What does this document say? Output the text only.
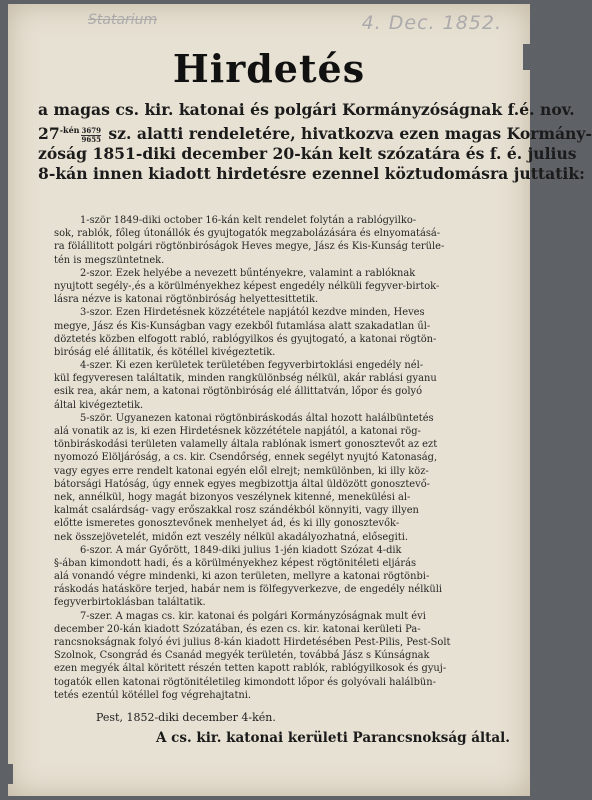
Statarium	4. Dec. 1852.
Hirdetés
a magas cs. kir. katonai és polgári Kormányzóságnak f.é. nov.
$27^{-kén} \frac{3679}{9655}$ sz. alatti rendeletére, hivatkozva ezen magas Kormány-
zóság 1851-diki december 20-kán kelt szózatára és f. é. julius
8-kán innen kiadott hirdetésre ezennel köztudomásra juttatik:
1-ször 1849-diki october 16-kán kelt rendelet folytán a rablógyilko-
sok, rablók, főleg útonállók és gyujtogatók megzabolázására és elnyomatásá-
ra fölállitott polgári rögtönbiróságok Heves megye, Jász és Kis-Kunság terüle-
tén is megszüntetnek.
2-szor. Ezek helyébe a nevezett bűntényekre, valamint a rablóknak
nyujtott segély-,és a körülményekhez képest engedély nélküli fegyver-birtok-
lásra nézve is katonai rögtönbiróság helyettesittetik.
3-szor. Ezen Hirdetésnek közzététele napjától kezdve minden, Heves
megye, Jász és Kis-Kunságban vagy ezekből futamlása alatt szakadatlan űl-
döztetés közben elfogott rabló, rablógyilkos és gyujtogató, a katonai rögtön-
biróság elé állitatik, és kötéllel kivégeztetik.
4-szer. Ki ezen kerületek területében fegyverbirtoklási engedély nél-
kül fegyveresen találtatik, minden rangkülönbség nélkül, akár rablási gyanu
esik rea, akár nem, a katonai rögtönbiróság elé állittatván, lőpor és golyó
által kivégeztetik.
5-ször. Ugyanezen katonai rögtönbiráskodás által hozott halálbüntetés
alá vonatik az is, ki ezen Hirdetésnek közzététele napjától, a katonai rög-
tönbiráskodási területen valamelly általa rablónak ismert gonosztevőt az ezt
nyomozó Elöljáróság, a cs. kir. Csendőrség, ennek segélyt nyujtó Katonaság,
vagy egyes erre rendelt katonai egyén elől elrejt; nemkülönben, ki illy köz-
bátorsági Hatóság, úgy ennek egyes megbizottja által üldözött gonosztevő-
nek, annélkül, hogy magát bizonyos veszélynek kitenné, menekülési al-
kalmát csalárdság- vagy erőszakkal rosz szándékból könnyiti, vagy illyen
előtte ismeretes gonosztevőnek menhelyet ád, és ki illy gonosztevők-
nek összejövetelét, midőn ezt veszély nélkül akadályozhatná, elősegiti.
6-szor. A már Győrött, 1849-diki julius 1-jén kiadott Szózat 4-dik
§-ában kimondott hadi, és a körülményekhez képest rögtönitéleti eljárás
alá vonandó végre mindenki, ki azon területen, mellyre a katonai rögtönbi-
ráskodás hatásköre terjed, habár nem is fölfegyverkezve, de engedély nélküli
fegyverbirtoklásban találtatik.
7-szer. A magas cs. kir. katonai és polgári Kormányzóságnak mult évi
december 20-kán kiadott Szózatában, és ezen cs. kir. katonai kerületi Pa-
rancsnokságnak folyó évi julius 8-kán kiadott Hirdetésében Pest-Pilis, Pest-Solt
Szolnok, Csongrád és Csanád megyék területén, továbbá Jász s Kúnságnak
ezen megyék által köritett részén tetten kapott rablók, rablógyilkosok és gyuj-
togatók ellen katonai rögtönitéletileg kimondott lőpor és golyóvali halálbün-
tetés ezentúl kötéllel fog végrehajtatni.
Pest, 1852-diki december 4-kén.
A cs. kir. katonai kerületi Parancsnokság által.
